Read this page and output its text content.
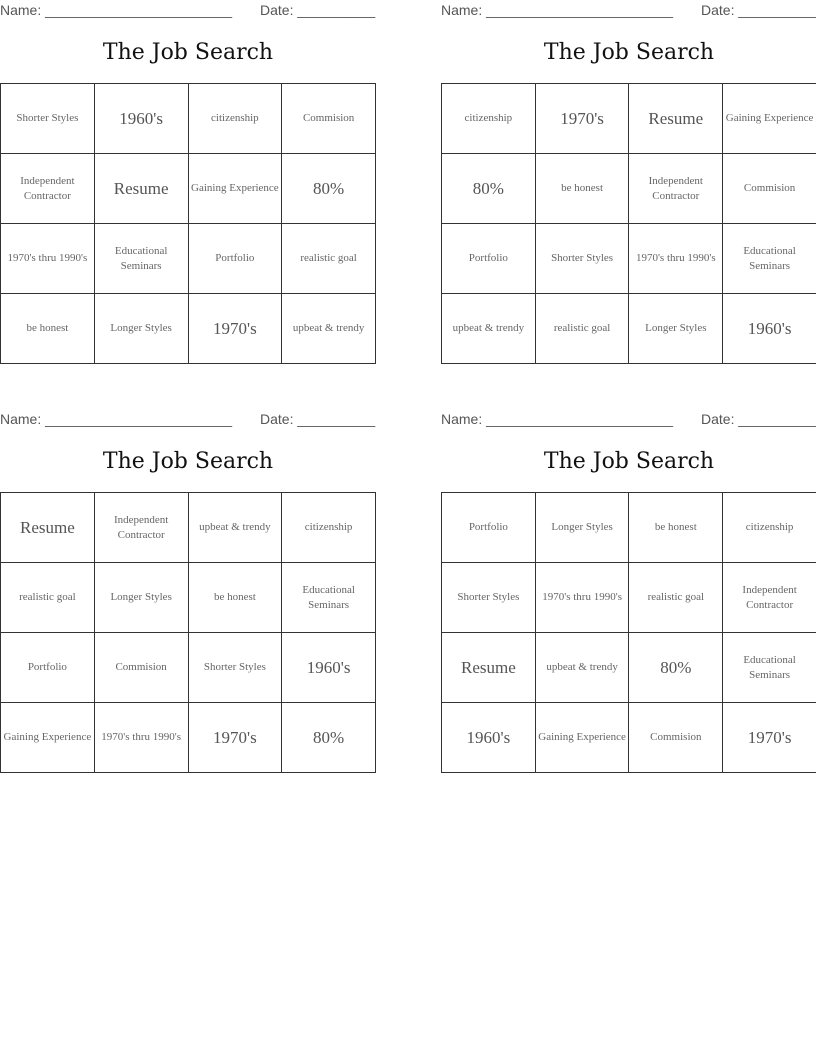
Name: ________________________ Date: __________
The Job Search
Shorter Styles	1960's	citizenship	Commision
Independent Contractor	Resume	Gaining Experience	80%
1970's thru 1990's	Educational Seminars	Portfolio	realistic goal
be honest	Longer Styles	1970's	upbeat & trendy
Name: ________________________ Date: __________
The Job Search
citizenship	1970's	Resume	Gaining Experience
80%	be honest	Independent Contractor	Commision
Portfolio	Shorter Styles	1970's thru 1990's	Educational Seminars
upbeat & trendy	realistic goal	Longer Styles	1960's
Name: ________________________ Date: __________
The Job Search
Resume	Independent Contractor	upbeat & trendy	citizenship
realistic goal	Longer Styles	be honest	Educational Seminars
Portfolio	Commision	Shorter Styles	1960's
Gaining Experience	1970's thru 1990's	1970's	80%
Name: ________________________ Date: __________
The Job Search
Portfolio	Longer Styles	be honest	citizenship
Shorter Styles	1970's thru 1990's	realistic goal	Independent Contractor
Resume	upbeat & trendy	80%	Educational Seminars
1960's	Gaining Experience	Commision	1970's
